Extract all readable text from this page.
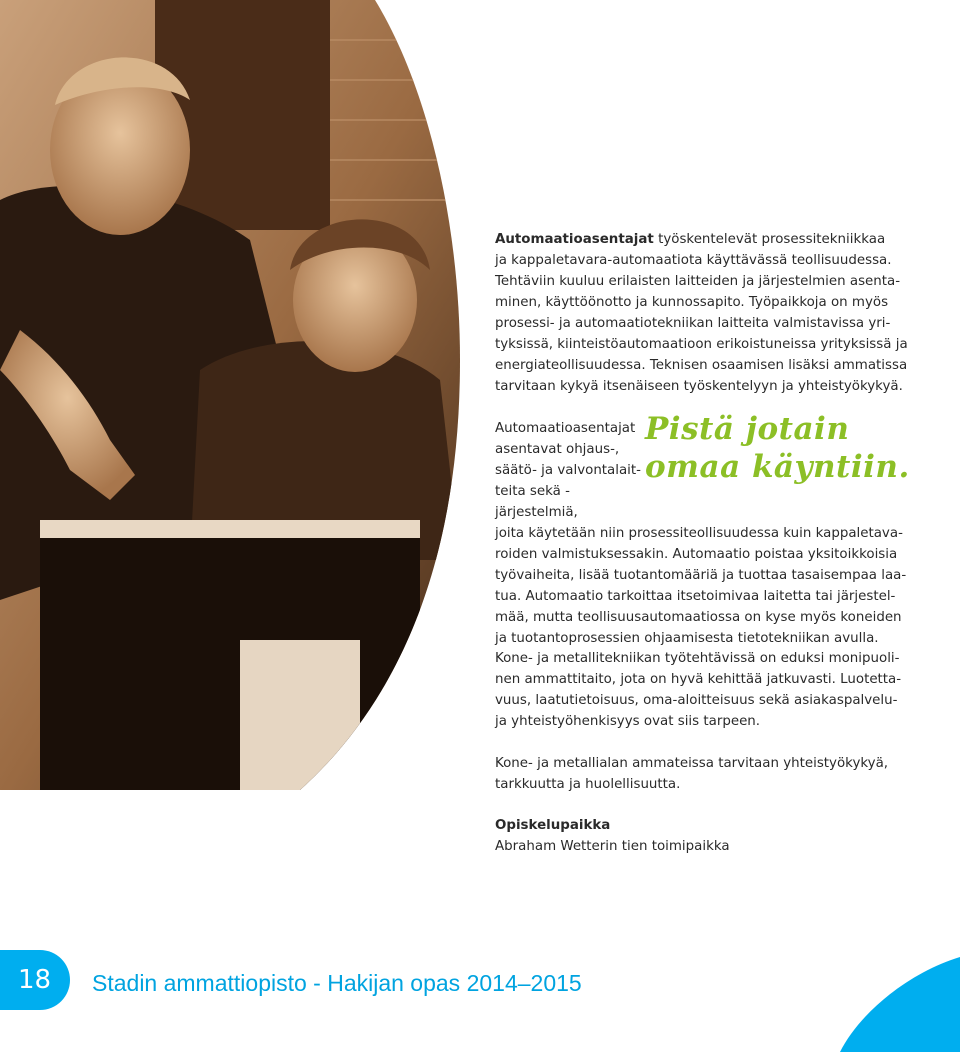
Automaatioasentajat työskentelevät prosessitekniikkaa

ja kappaletavara-automaatiota käyttävässä teollisuudessa.

Tehtäviin kuuluu erilaisten laitteiden ja järjestelmien asenta-

minen, käyttöönotto ja kunnossapito. Työpaikkoja on myös

prosessi- ja automaatiotekniikan laitteita valmistavissa yri-

tyksissä, kiinteistöautomaatioon erikoistuneissa yrityksissä ja

energiateollisuudessa. Teknisen osaamisen lisäksi ammatissa

tarvitaan kykyä itsenäiseen työskentelyyn ja yhteistyökykyä.

Pistä jotain
omaa käyntiin.

Automaatioasentajat

asentavat ohjaus-,

säätö- ja valvontalait-

teita sekä -järjestelmiä,

joita käytetään niin prosessiteollisuudessa kuin kappaletava-

roiden valmistuksessakin. Automaatio poistaa yksitoikkoisia

työvaiheita, lisää tuotantomääriä ja tuottaa tasaisempaa laa-

tua. Automaatio tarkoittaa itsetoimivaa laitetta tai järjestel-

mää, mutta teollisuusautomaatiossa on kyse myös koneiden

ja tuotantoprosessien ohjaamisesta tietotekniikan avulla.

Kone- ja metallitekniikan työtehtävissä on eduksi monipuoli-

nen ammattitaito, jota on hyvä kehittää jatkuvasti. Luotetta-

vuus, laatutietoisuus, oma-aloitteisuus sekä asiakaspalvelu-

ja yhteistyöhenkisyys ovat siis tarpeen.

Kone- ja metallialan ammateissa tarvitaan yhteistyökykyä,

tarkkuutta ja huolellisuutta.

Opiskelupaikka

Abraham Wetterin tien toimipaikka

18	Stadin ammattiopisto - Hakijan opas 2014–2015
